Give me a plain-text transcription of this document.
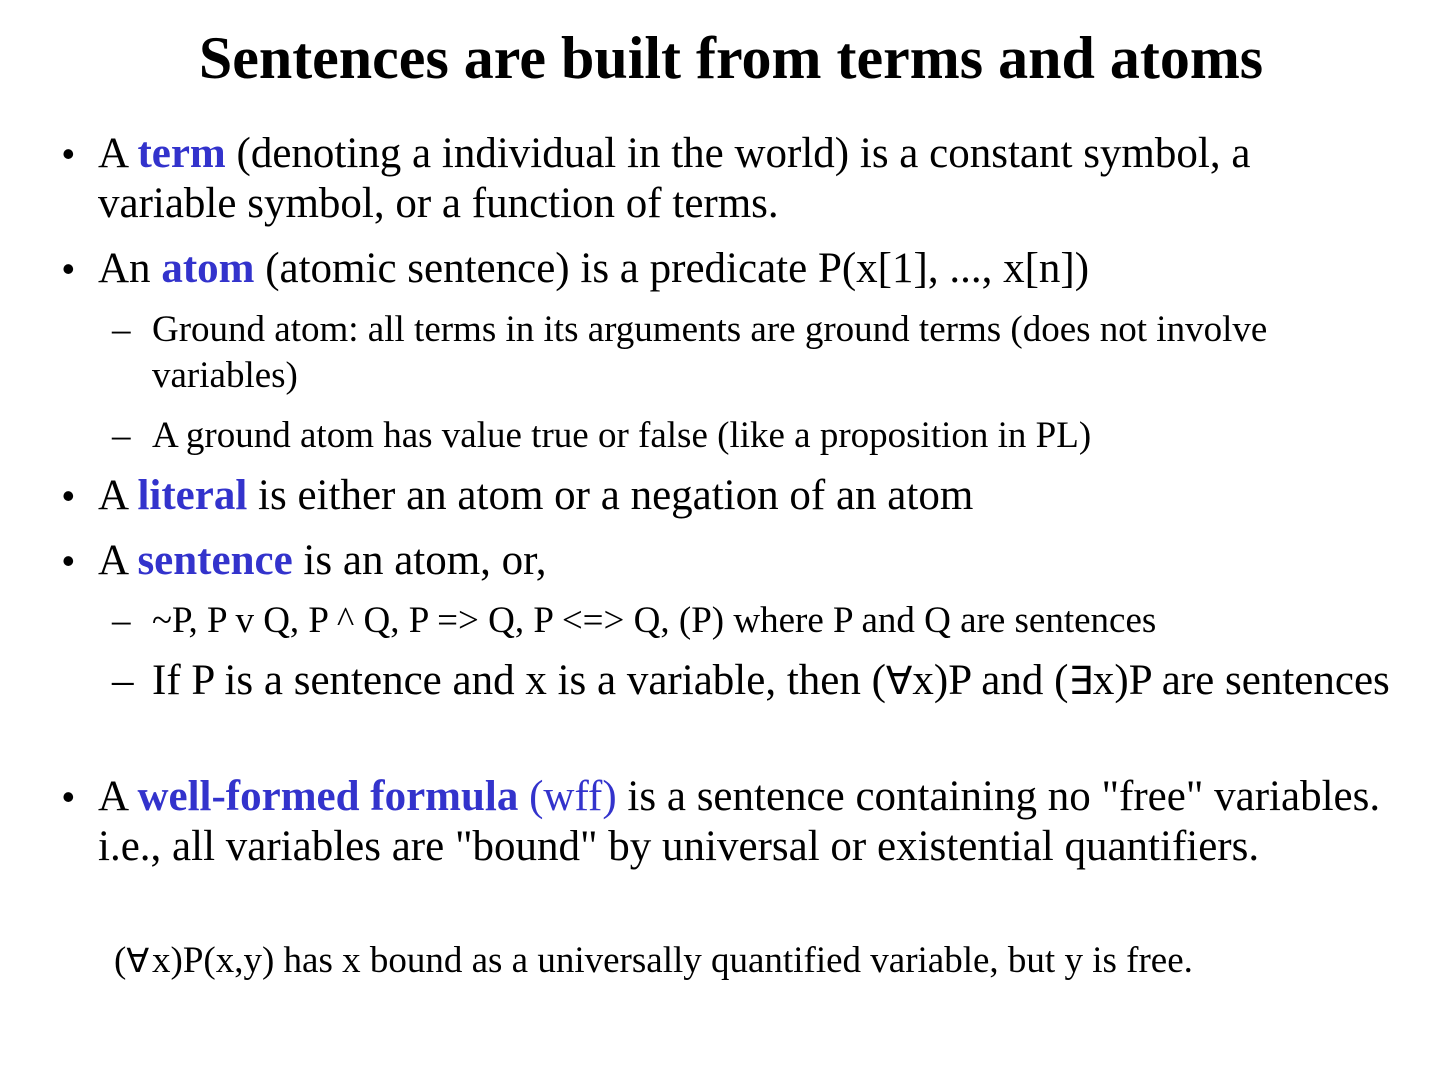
Sentences are built from terms and atoms
• A term (denoting a individual in the world) is a constant symbol, a variable symbol, or a function of terms.
• An atom (atomic sentence) is a predicate P(x[1], ..., x[n])
– Ground atom: all terms in its arguments are ground terms (does not involve variables)
– A ground atom has value true or false (like a proposition in PL)
• A literal is either an atom or a negation of an atom
• A sentence is an atom, or,
– ~P, P v Q, P ^ Q, P => Q, P <=> Q, (P) where P and Q are sentences
– If P is a sentence and x is a variable, then (∀x)P and (∃x)P are sentences
• A well-formed formula (wff) is a sentence containing no "free" variables. i.e., all variables are "bound" by universal or existential quantifiers.
(∀ x)P(x,y) has x bound as a universally quantified variable, but y is free.
